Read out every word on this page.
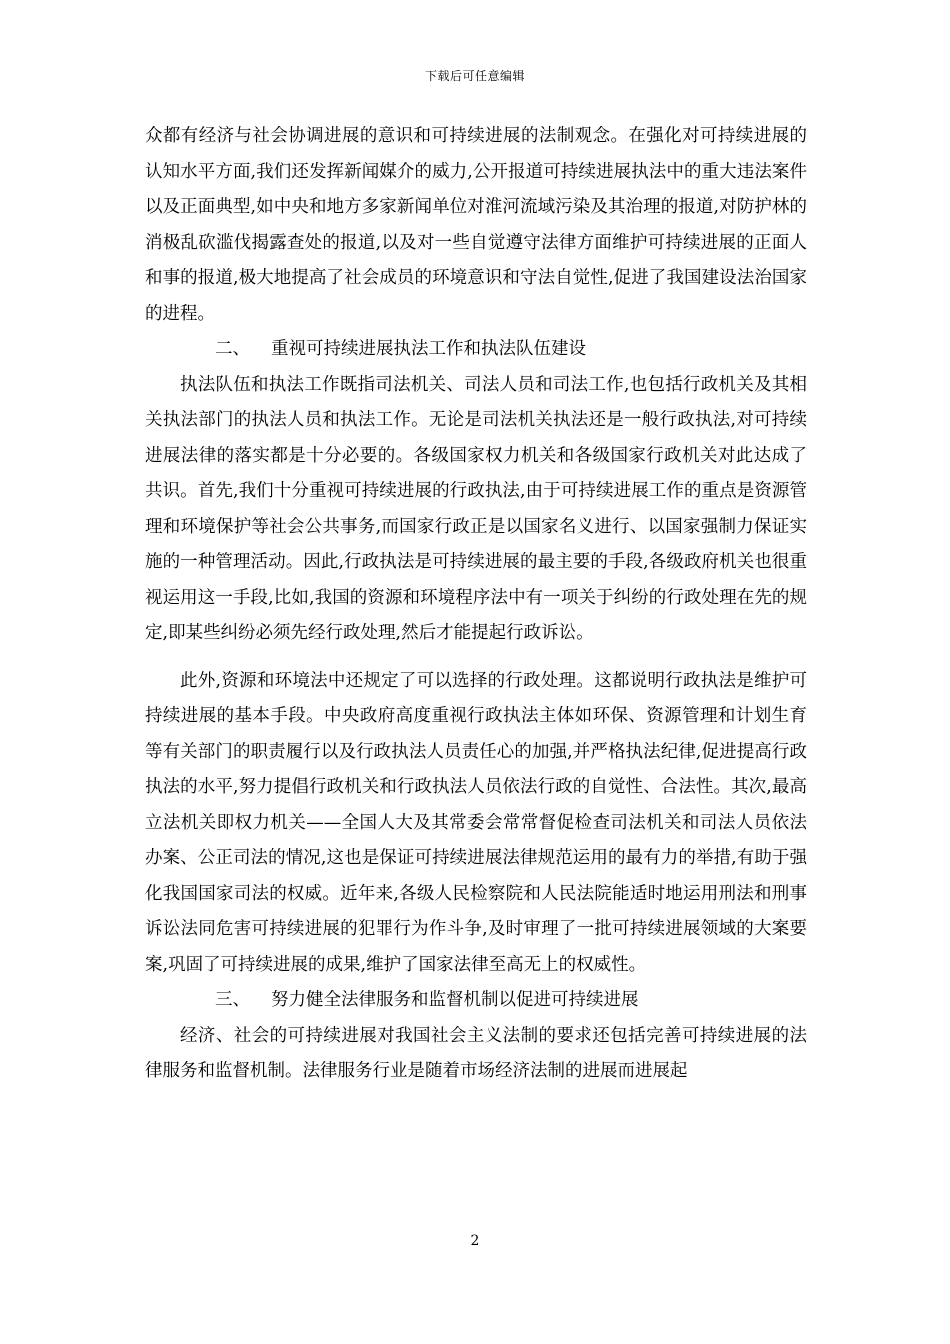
下载后可任意编辑

众都有经济与社会协调进展的意识和可持续进展的法制观念。在强化对可持续进展的认知水平方面,我们还发挥新闻媒介的威力,公开报道可持续进展执法中的重大违法案件以及正面典型,如中央和地方多家新闻单位对淮河流域污染及其治理的报道,对防护林的消极乱砍滥伐揭露查处的报道,以及对一些自觉遵守法律方面维护可持续进展的正面人和事的报道,极大地提高了社会成员的环境意识和守法自觉性,促进了我国建设法治国家的进程。

二、 重视可持续进展执法工作和执法队伍建设

执法队伍和执法工作既指司法机关、司法人员和司法工作,也包括行政机关及其相关执法部门的执法人员和执法工作。无论是司法机关执法还是一般行政执法,对可持续进展法律的落实都是十分必要的。各级国家权力机关和各级国家行政机关对此达成了共识。首先,我们十分重视可持续进展的行政执法,由于可持续进展工作的重点是资源管理和环境保护等社会公共事务,而国家行政正是以国家名义进行、以国家强制力保证实施的一种管理活动。因此,行政执法是可持续进展的最主要的手段,各级政府机关也很重视运用这一手段,比如,我国的资源和环境程序法中有一项关于纠纷的行政处理在先的规定,即某些纠纷必须先经行政处理,然后才能提起行政诉讼。

此外,资源和环境法中还规定了可以选择的行政处理。这都说明行政执法是维护可持续进展的基本手段。中央政府高度重视行政执法主体如环保、资源管理和计划生育等有关部门的职责履行以及行政执法人员责任心的加强,并严格执法纪律,促进提高行政执法的水平,努力提倡行政机关和行政执法人员依法行政的自觉性、合法性。其次,最高立法机关即权力机关——全国人大及其常委会常常督促检查司法机关和司法人员依法办案、公正司法的情况,这也是保证可持续进展法律规范运用的最有力的举措,有助于强化我国国家司法的权威。近年来,各级人民检察院和人民法院能适时地运用刑法和刑事诉讼法同危害可持续进展的犯罪行为作斗争,及时审理了一批可持续进展领域的大案要案,巩固了可持续进展的成果,维护了国家法律至高无上的权威性。

三、 努力健全法律服务和监督机制以促进可持续进展

经济、社会的可持续进展对我国社会主义法制的要求还包括完善可持续进展的法律服务和监督机制。法律服务行业是随着市场经济法制的进展而进展起

2
